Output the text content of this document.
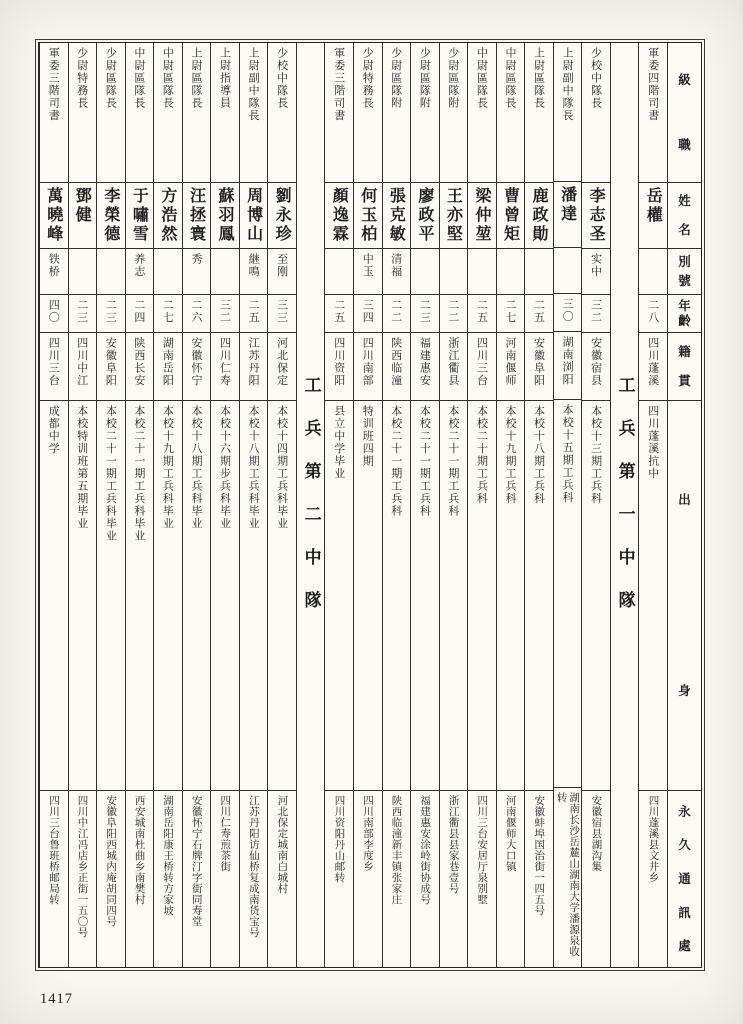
級
職
姓
名
別
號
年
齡
籍
貫
出
身
永
久
通
訊
處
軍委四階司書
岳權
二八
四川蓬溪
四川蓬溪抗中
四川蓬溪县文井乡
工兵第一中隊
少校中隊長
李志圣
实中
三二
安徽宿县
本校十三期工兵科
安徽宿县湖沟集
上尉副中隊長
潘達
三〇
湖南浏阳
本校十五期工兵科
湖南长沙岳麓山湖南大学潘源泉收转
上尉區隊長
鹿政勛
二五
安徽阜阳
本校十八期工兵科
安徽蚌埠国治街一四五号
中尉區隊長
曹曾矩
二七
河南偃师
本校十九期工兵科
河南偃师大口镇
中尉區隊長
梁仲堃
二五
四川三台
本校二十期工兵科
四川三台安居厅泉别墅
少尉區隊附
王亦堅
二二
浙江衢县
本校二十一期工兵科
浙江衢县县家巷壹号
少尉區隊附
廖政平
二三
福建惠安
本校二十一期工兵科
福建惠安涂岭街协成号
少尉區隊附
張克敏
清福
二二
陕西临潼
本校二十一期工兵科
陕西临潼新丰镇张家庄
少尉特務長
何玉柏
中玉
三四
四川南部
特训班四期
四川南部李度乡
軍委三階司書
顏逸霖
二五
四川资阳
县立中学毕业
四川资阳丹山邮转
工兵第二中隊
少校中隊長
劉永珍
至刚
三三
河北保定
本校十四期工兵科毕业
河北保定城南白城村
上尉副中隊長
周博山
継鳴
二五
江苏丹阳
本校十八期工兵科毕业
江苏丹阳访仙桥复成南货宝号
上尉指導員
蘇羽鳳
三二
四川仁寿
本校十六期步兵科毕业
四川仁寿煎茶街
上尉區隊長
汪拯寰
秀
二六
安徽怀宁
本校十八期工兵科毕业
安徽怀宁石牌汀字街同寿堂
中尉區隊長
方浩然
二七
湖南岳阳
本校十九期工兵科毕业
湖南岳阳康王桥转方家坡
中尉區隊長
于嘯雪
养志
二四
陕西长安
本校二十一期工兵科毕业
西安城南杜曲乡南樊村
少尉區隊長
李榮德
二三
安徽阜阳
本校二十一期工兵科毕业
安徽阜阳西城内庵胡同四号
少尉特務長
鄧健
二三
四川中江
本校特训班第五期毕业
四川中江冯店乡正街一五〇号
軍委三階司書
萬曉峰
铁桥
四〇
四川三台
成都中学
四川三台鲁班桥邮局转
1417
